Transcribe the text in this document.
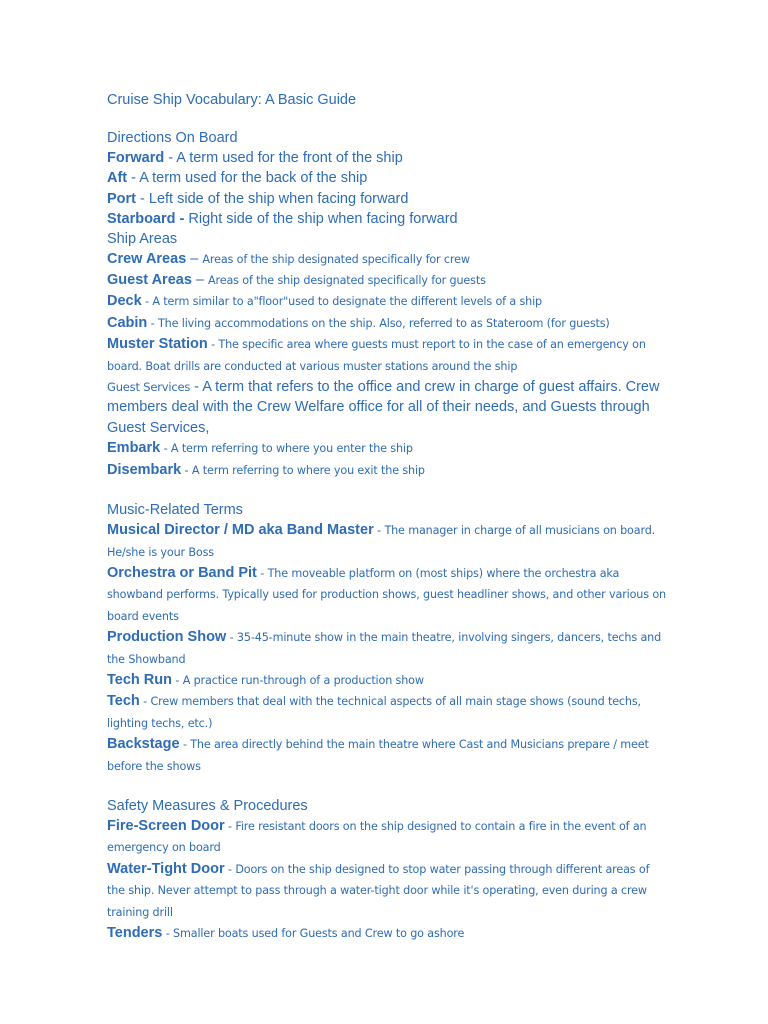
Cruise Ship Vocabulary: A Basic Guide
Directions On Board
Forward - A term used for the front of the ship
Aft - A term used for the back of the ship
Port - Left side of the ship when facing forward
Starboard - Right side of the ship when facing forward
Ship Areas
Crew Areas – Areas of the ship designated specifically for crew
Guest Areas – Areas of the ship designated specifically for guests
Deck - A term similar to a"floor"used to designate the different levels of a ship
Cabin - The living accommodations on the ship. Also, referred to as Stateroom (for guests)
Muster Station - The specific area where guests must report to in the case of an emergency on board. Boat drills are conducted at various muster stations around the ship
Guest Services - A term that refers to the office and crew in charge of guest affairs. Crew members deal with the Crew Welfare office for all of their needs, and Guests through Guest Services,
Embark - A term referring to where you enter the ship
Disembark - A term referring to where you exit the ship
Music-Related Terms
Musical Director / MD aka Band Master - The manager in charge of all musicians on board. He/she is your Boss
Orchestra or Band Pit - The moveable platform on (most ships) where the orchestra aka showband performs. Typically used for production shows, guest headliner shows, and other various on board events
Production Show - 35-45-minute show in the main theatre, involving singers, dancers, techs and the Showband
Tech Run - A practice run-through of a production show
Tech - Crew members that deal with the technical aspects of all main stage shows (sound techs, lighting techs, etc.)
Backstage - The area directly behind the main theatre where Cast and Musicians prepare / meet before the shows
Safety Measures & Procedures
Fire-Screen Door - Fire resistant doors on the ship designed to contain a fire in the event of an emergency on board
Water-Tight Door - Doors on the ship designed to stop water passing through different areas of the ship. Never attempt to pass through a water-tight door while it's operating, even during a crew training drill
Tenders - Smaller boats used for Guests and Crew to go ashore
